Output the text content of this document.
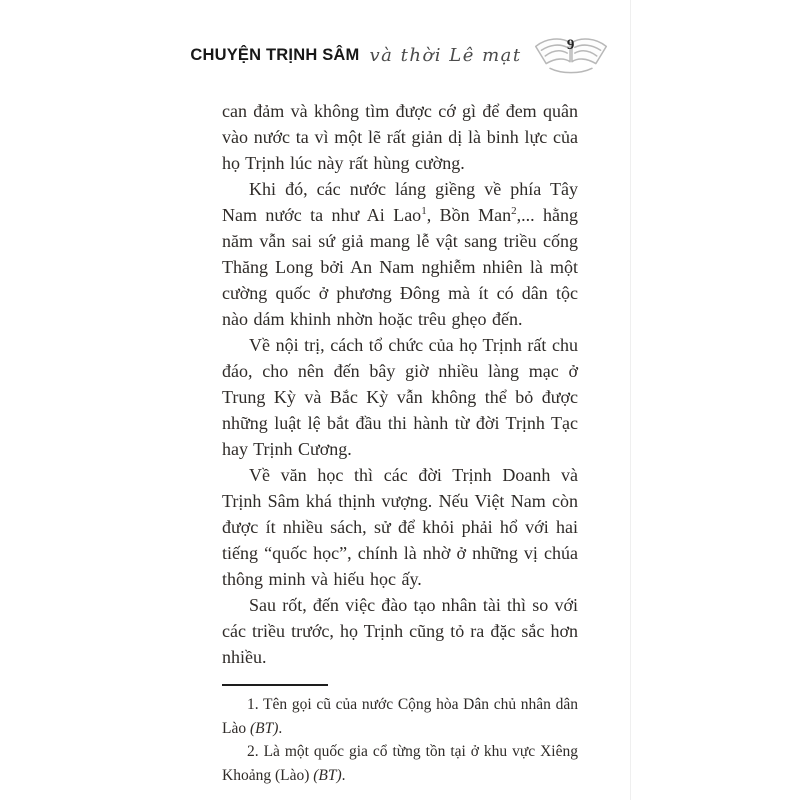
CHUYỆN TRỊNH SÂM và thời Lê mạt	9

can đảm và không tìm được cớ gì để đem quân vào nước ta vì một lẽ rất giản dị là binh lực của họ Trịnh lúc này rất hùng cường.

Khi đó, các nước láng giềng về phía Tây Nam nước ta như Ai Lao$^1$, Bồn Man$^2$,... hằng năm vẫn sai sứ giả mang lễ vật sang triều cống Thăng Long bởi An Nam nghiễm nhiên là một cường quốc ở phương Đông mà ít có dân tộc nào dám khinh nhờn hoặc trêu ghẹo đến.

Về nội trị, cách tổ chức của họ Trịnh rất chu đáo, cho nên đến bây giờ nhiều làng mạc ở Trung Kỳ và Bắc Kỳ vẫn không thể bỏ được những luật lệ bắt đầu thi hành từ đời Trịnh Tạc hay Trịnh Cương.

Về văn học thì các đời Trịnh Doanh và Trịnh Sâm khá thịnh vượng. Nếu Việt Nam còn được ít nhiều sách, sử để khỏi phải hổ với hai tiếng “quốc học”, chính là nhờ ở những vị chúa thông minh và hiếu học ấy.

Sau rốt, đến việc đào tạo nhân tài thì so với các triều trước, họ Trịnh cũng tỏ ra đặc sắc hơn nhiều.

1. Tên gọi cũ của nước Cộng hòa Dân chủ nhân dân Lào (BT).

2. Là một quốc gia cổ từng tồn tại ở khu vực Xiêng Khoảng (Lào) (BT).
